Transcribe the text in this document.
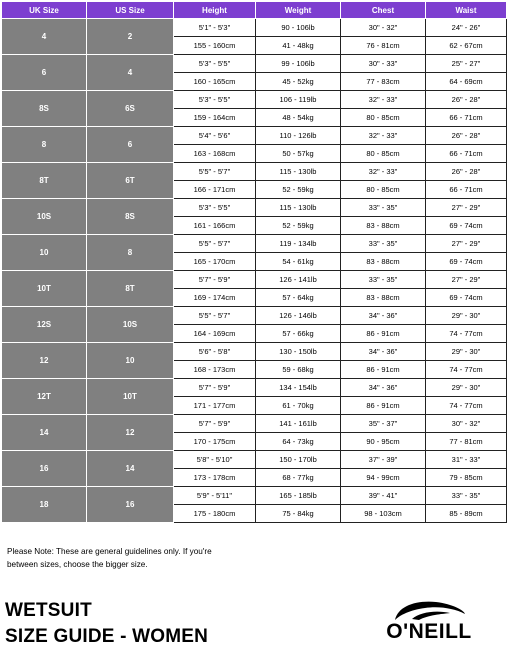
UK Size	US Size	Height	Weight	Chest	Waist
4	2	5'1" - 5'3"	90 - 106lb	30" - 32"	24" - 26"
		155 - 160cm	41 - 48kg	76 - 81cm	62 - 67cm
6	4	5'3" - 5'5"	99 - 106lb	30" - 33"	25" - 27"
		160 - 165cm	45 - 52kg	77 - 83cm	64 - 69cm
8S	6S	5'3" - 5'5"	106 - 119lb	32" - 33"	26" - 28"
		159 - 164cm	48 - 54kg	80 - 85cm	66 - 71cm
8	6	5'4" - 5'6"	110 - 126lb	32" - 33"	26" - 28"
		163 - 168cm	50 - 57kg	80 - 85cm	66 - 71cm
8T	6T	5'5" - 5'7"	115 - 130lb	32" - 33"	26" - 28"
		166 - 171cm	52 - 59kg	80 - 85cm	66 - 71cm
10S	8S	5'3" - 5'5"	115 - 130lb	33" - 35"	27" - 29"
		161 - 166cm	52 - 59kg	83 - 88cm	69 - 74cm
10	8	5'5" - 5'7"	119 - 134lb	33" - 35"	27" - 29"
		165 - 170cm	54 - 61kg	83 - 88cm	69 - 74cm
10T	8T	5'7" - 5'9"	126 - 141lb	33" - 35"	27" - 29"
		169 - 174cm	57 - 64kg	83 - 88cm	69 - 74cm
12S	10S	5'5" - 5'7"	126 - 146lb	34" - 36"	29" - 30"
		164 - 169cm	57 - 66kg	86 - 91cm	74 - 77cm
12	10	5'6" - 5'8"	130 - 150lb	34" - 36"	29" - 30"
		168 - 173cm	59 - 68kg	86 - 91cm	74 - 77cm
12T	10T	5'7" - 5'9"	134 - 154lb	34" - 36"	29" - 30"
		171 - 177cm	61 - 70kg	86 - 91cm	74 - 77cm
14	12	5'7" - 5'9"	141 - 161lb	35" - 37"	30" - 32"
		170 - 175cm	64 - 73kg	90 - 95cm	77 - 81cm
16	14	5'8" - 5'10"	150 - 170lb	37" - 39"	31" - 33"
		173 - 178cm	68 - 77kg	94 - 99cm	79 - 85cm
18	16	5'9" - 5'11"	165 - 185lb	39" - 41"	33" - 35"
		175 - 180cm	75 - 84kg	98 - 103cm	85 - 89cm

Please Note: These are general guidelines only. If you're
between sizes, choose the bigger size.

WETSUIT
SIZE GUIDE - WOMEN	O'NEILL
